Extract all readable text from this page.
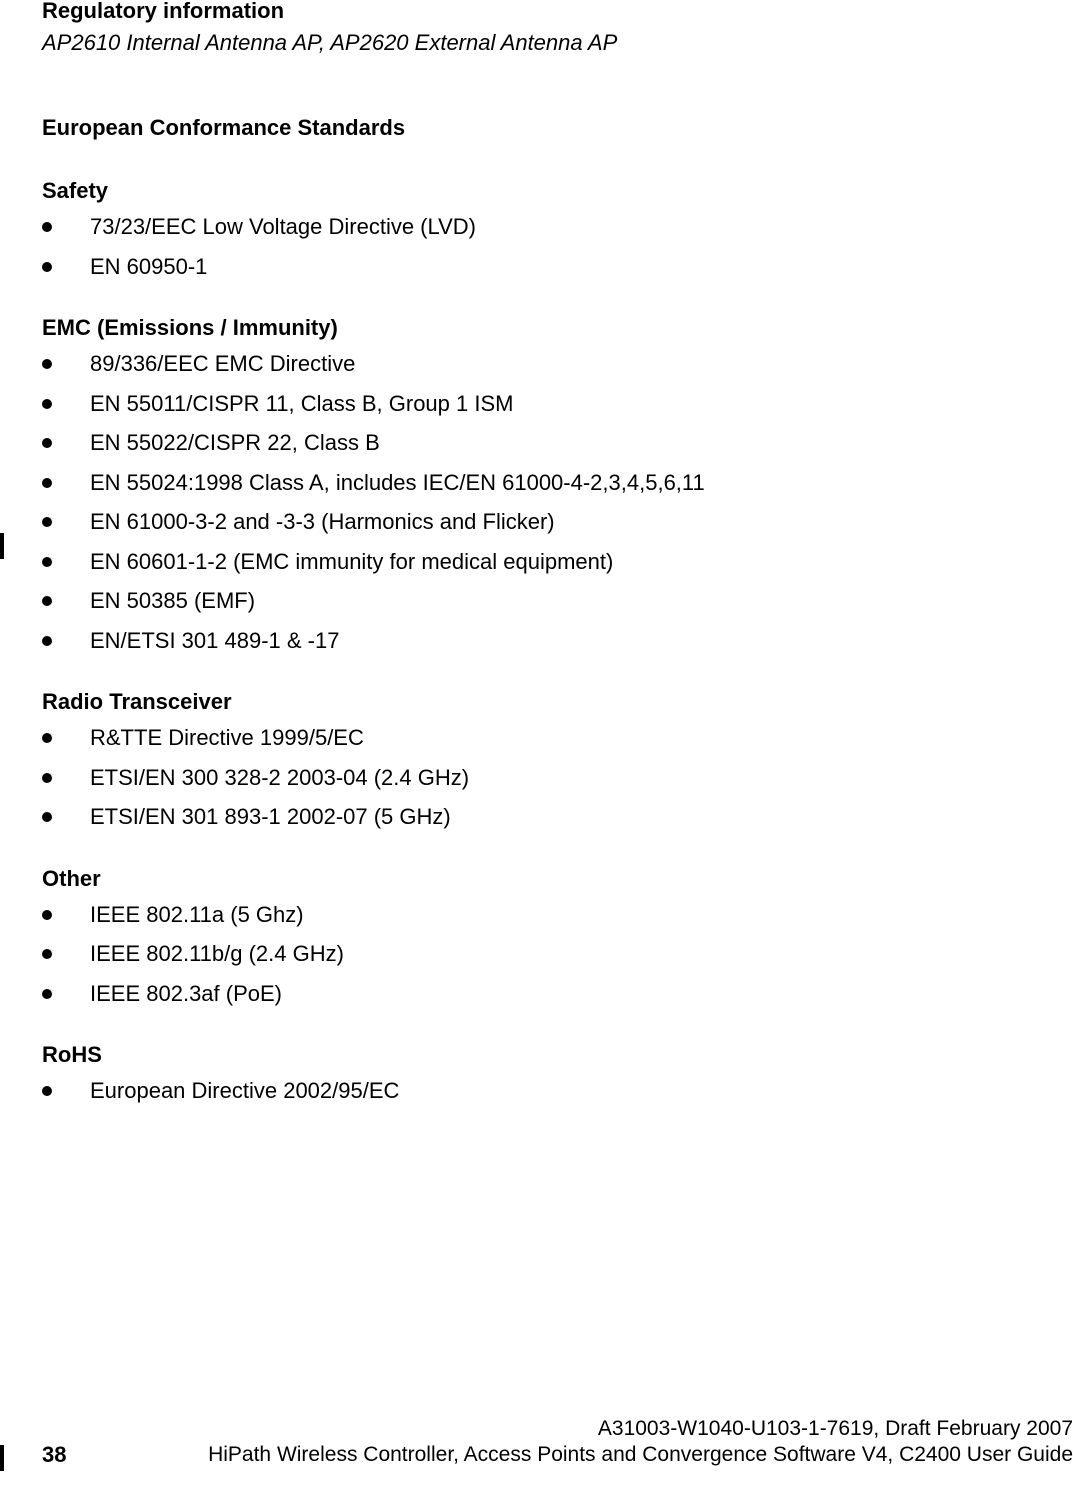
Regulatory information
AP2610 Internal Antenna AP, AP2620 External Antenna AP
European Conformance Standards
Safety
73/23/EEC Low Voltage Directive (LVD)
EN 60950-1
EMC (Emissions / Immunity)
89/336/EEC EMC Directive
EN 55011/CISPR 11, Class B, Group 1 ISM
EN 55022/CISPR 22, Class B
EN 55024:1998 Class A, includes IEC/EN 61000-4-2,3,4,5,6,11
EN 61000-3-2 and -3-3 (Harmonics and Flicker)
EN 60601-1-2 (EMC immunity for medical equipment)
EN 50385 (EMF)
EN/ETSI 301 489-1 & -17
Radio Transceiver
R&TTE Directive 1999/5/EC
ETSI/EN 300 328-2 2003-04 (2.4 GHz)
ETSI/EN 301 893-1 2002-07 (5 GHz)
Other
IEEE 802.11a (5 Ghz)
IEEE 802.11b/g (2.4 GHz)
IEEE 802.3af (PoE)
RoHS
European Directive 2002/95/EC
38
A31003-W1040-U103-1-7619, Draft February 2007
HiPath Wireless Controller, Access Points and Convergence Software V4, C2400 User Guide
